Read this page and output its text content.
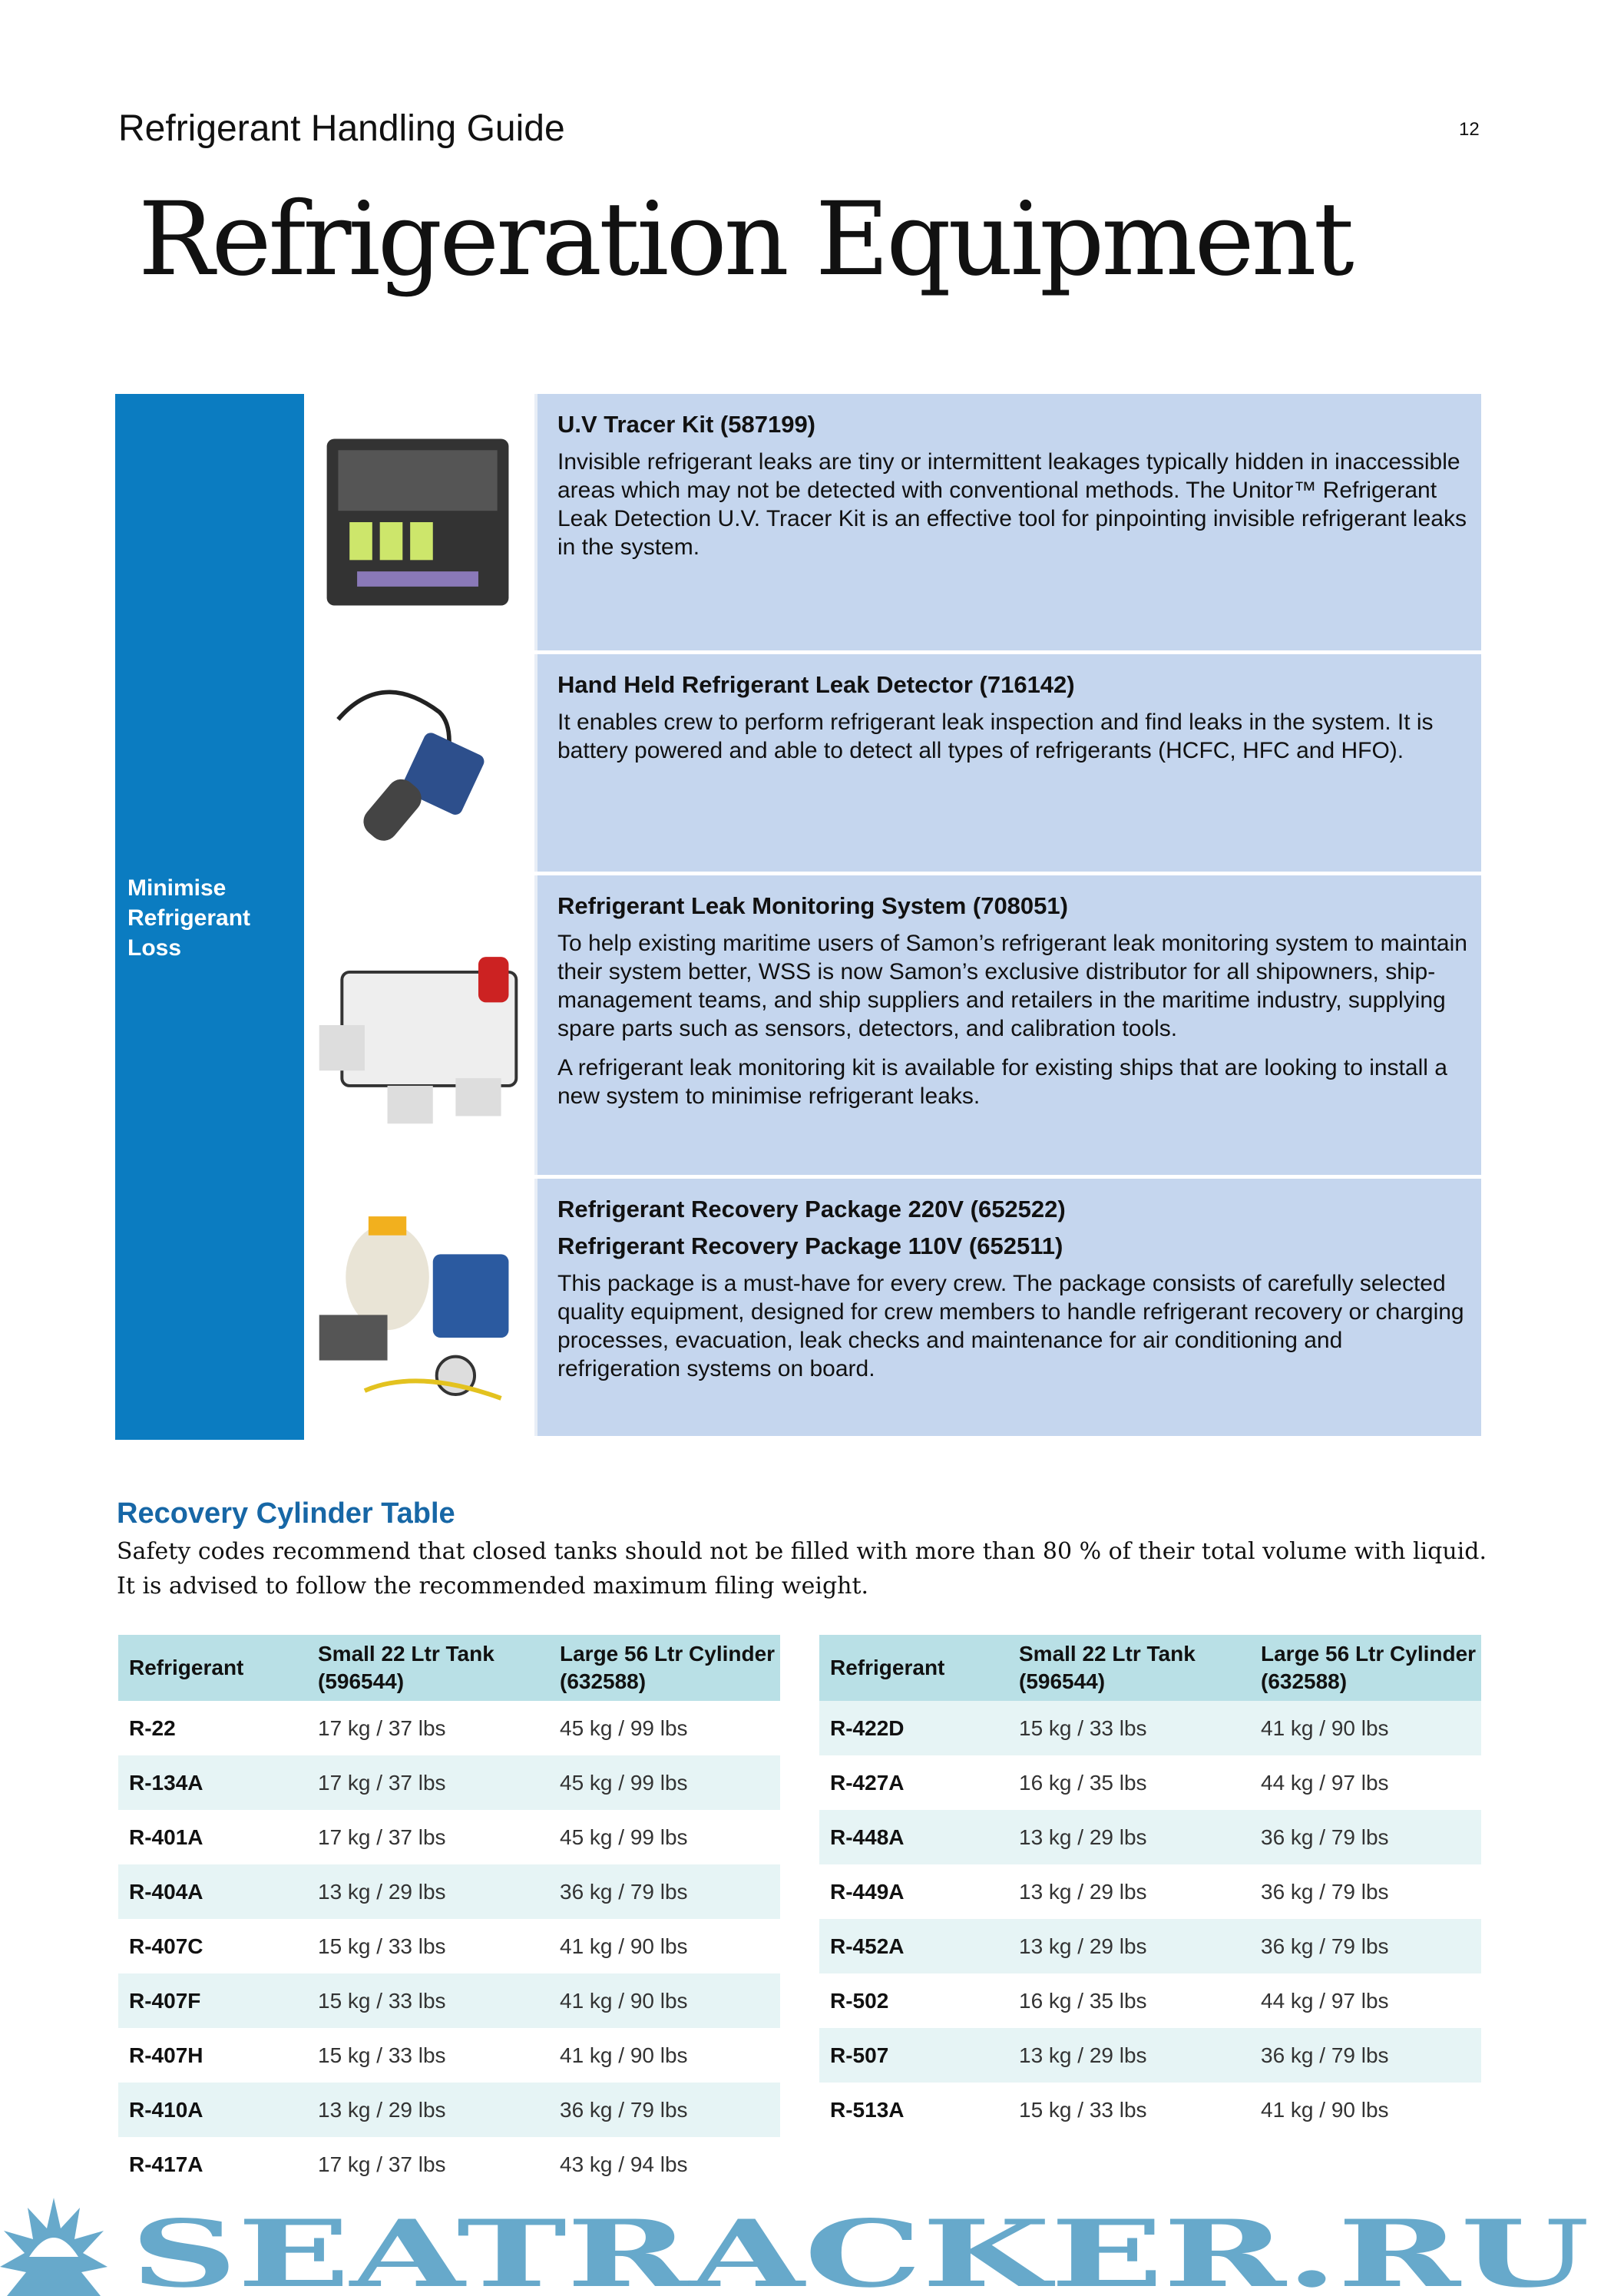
Refrigerant Handling Guide	12
Refrigeration Equipment
Minimise Refrigerant Loss
U.V Tracer Kit (587199)

Invisible refrigerant leaks are tiny or intermittent leakages typically hidden in inaccessible areas which may not be detected with conventional methods. The Unitor™ Refrigerant Leak Detection U.V. Tracer Kit is an effective tool for pinpointing invisible refrigerant leaks in the system.

Hand Held Refrigerant Leak Detector (716142)

It enables crew to perform refrigerant leak inspection and find leaks in the system. It is battery powered and able to detect all types of refrigerants (HCFC, HFC and HFO).

Refrigerant Leak Monitoring System (708051)

To help existing maritime users of Samon’s refrigerant leak monitoring system to maintain their system better, WSS is now Samon’s exclusive distributor for all shipowners, ship-management teams, and ship suppliers and retailers in the maritime industry, supplying spare parts such as sensors, detectors, and calibration tools.

A refrigerant leak monitoring kit is available for existing ships that are looking to install a new system to minimise refrigerant leaks.

Refrigerant Recovery Package 220V (652522)
Refrigerant Recovery Package 110V (652511)

This package is a must-have for every crew. The package consists of carefully selected quality equipment, designed for crew members to handle refrigerant recovery or charging processes, evacuation, leak checks and maintenance for air conditioning and refrigeration systems on board.

Recovery Cylinder Table
Safety codes recommend that closed tanks should not be filled with more than 80 % of their total volume with liquid.
It is advised to follow the recommended maximum filing weight.
Refrigerant	Small 22 Ltr Tank (596544)	Large 56 Ltr Cylinder (632588)
R-22	17 kg / 37 lbs	45 kg / 99 lbs
R-134A	17 kg / 37 lbs	45 kg / 99 lbs
R-401A	17 kg / 37 lbs	45 kg / 99 lbs
R-404A	13 kg / 29 lbs	36 kg / 79 lbs
R-407C	15 kg / 33 lbs	41 kg / 90 lbs
R-407F	15 kg / 33 lbs	41 kg / 90 lbs
R-407H	15 kg / 33 lbs	41 kg / 90 lbs
R-410A	13 kg / 29 lbs	36 kg / 79 lbs
R-417A	17 kg / 37 lbs	43 kg / 94 lbs
Refrigerant	Small 22 Ltr Tank (596544)	Large 56 Ltr Cylinder (632588)
R-422D	15 kg / 33 lbs	41 kg / 90 lbs
R-427A	16 kg / 35 lbs	44 kg / 97 lbs
R-448A	13 kg / 29 lbs	36 kg / 79 lbs
R-449A	13 kg / 29 lbs	36 kg / 79 lbs
R-452A	13 kg / 29 lbs	36 kg / 79 lbs
R-502	16 kg / 35 lbs	44 kg / 97 lbs
R-507	13 kg / 29 lbs	36 kg / 79 lbs
R-513A	15 kg / 33 lbs	41 kg / 90 lbs
SEATRACKER.RU
